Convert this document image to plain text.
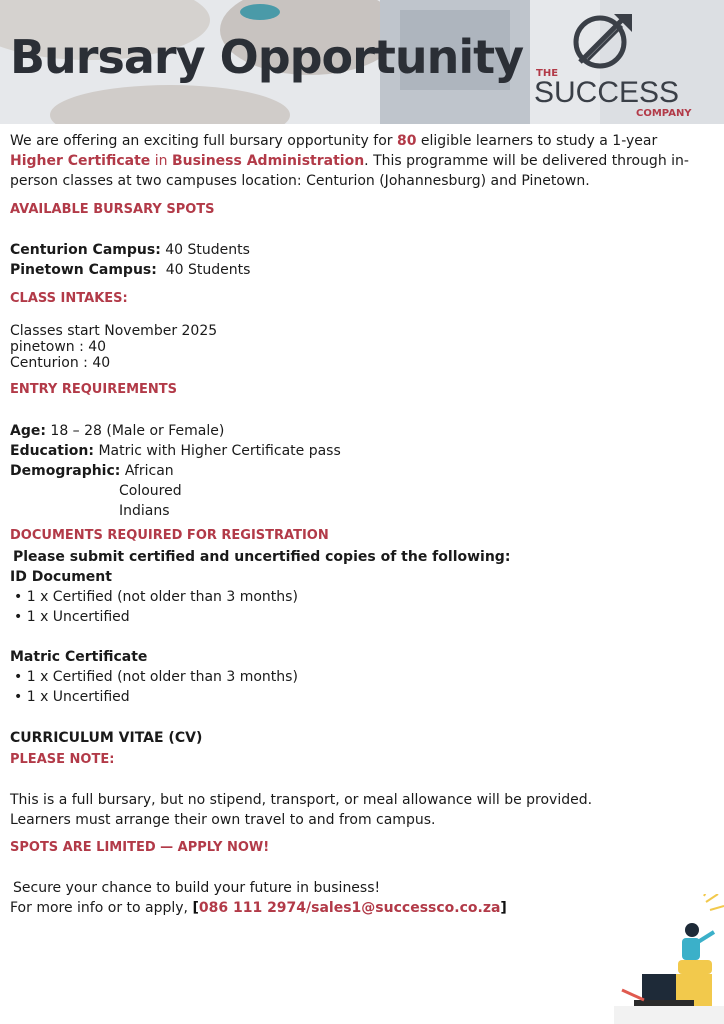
Bursary Opportunity THE
SUCCESS
COMPANY
We are offering an exciting full bursary opportunity for 80 eligible learners to study a 1-year
Higher Certificate in Business Administration. This programme will be delivered through in-
person classes at two campuses location: Centurion (Johannesburg) and Pinetown.
AVAILABLE BURSARY SPOTS
Centurion Campus: 40 Students
Pinetown Campus: 40 Students
CLASS INTAKES:
Classes start November 2025
pinetown : 40
Centurion : 40
ENTRY REQUIREMENTS
Age: 18 – 28 (Male or Female)
Education: Matric with Higher Certificate pass
Demographic: African
Coloured
Indians
DOCUMENTS REQUIRED FOR REGISTRATION
Please submit certified and uncertified copies of the following:
ID Document
• 1 x Certified (not older than 3 months)
• 1 x Uncertified
Matric Certificate
• 1 x Certified (not older than 3 months)
• 1 x Uncertified
CURRICULUM VITAE (CV)
PLEASE NOTE:
This is a full bursary, but no stipend, transport, or meal allowance will be provided.
Learners must arrange their own travel to and from campus.
SPOTS ARE LIMITED — APPLY NOW!
Secure your chance to build your future in business!
For more info or to apply, [086 111 2974/sales1@successco.co.za]
